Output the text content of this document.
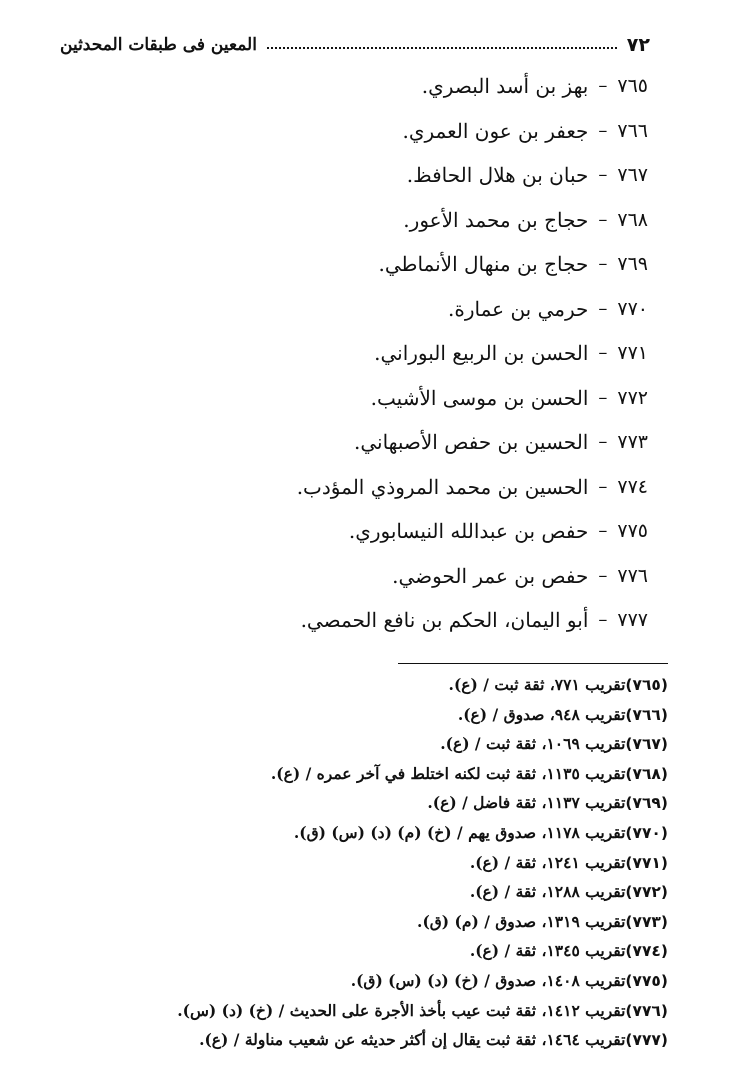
٧٢
المعين فى طبقات المحدثين
٧٦٥
–
بهز بن أسد البصري.
٧٦٦
–
جعفر بن عون العمري.
٧٦٧
–
حبان بن هلال الحافظ.
٧٦٨
–
حجاج بن محمد الأعور.
٧٦٩
–
حجاج بن منهال الأنماطي.
٧٧٠
–
حرمي بن عمارة.
٧٧١
–
الحسن بن الربيع البوراني.
٧٧٢
–
الحسن بن موسى الأشيب.
٧٧٣
–
الحسين بن حفص الأصبهاني.
٧٧٤
–
الحسين بن محمد المروذي المؤدب.
٧٧٥
–
حفص بن عبدالله النيسابوري.
٧٧٦
–
حفص بن عمر الحوضي.
٧٧٧
–
أبو اليمان، الحكم بن نافع الحمصي.
(٧٦٥)تقريب ٧٧١، ثقة ثبت / (ع).
(٧٦٦)تقريب ٩٤٨، صدوق / (ع).
(٧٦٧)تقريب ١٠٦٩، ثقة ثبت / (ع).
(٧٦٨)تقريب ١١٣٥، ثقة ثبت لكنه اختلط في آخر عمره / (ع).
(٧٦٩)تقريب ١١٣٧، ثقة فاضل / (ع).
(٧٧٠)تقريب ١١٧٨، صدوق يهم / (خ) (م) (د) (س) (ق).
(٧٧١)تقريب ١٢٤١، ثقة / (ع).
(٧٧٢)تقريب ١٢٨٨، ثقة / (ع).
(٧٧٣)تقريب ١٣١٩، صدوق / (م) (ق).
(٧٧٤)تقريب ١٣٤٥، ثقة / (ع).
(٧٧٥)تقريب ١٤٠٨، صدوق / (خ) (د) (س) (ق).
(٧٧٦)تقريب ١٤١٢، ثقة ثبت عيب بأخذ الأجرة على الحديث / (خ) (د) (س).
(٧٧٧)تقريب ١٤٦٤، ثقة ثبت يقال إن أكثر حديثه عن شعيب مناولة / (ع).
